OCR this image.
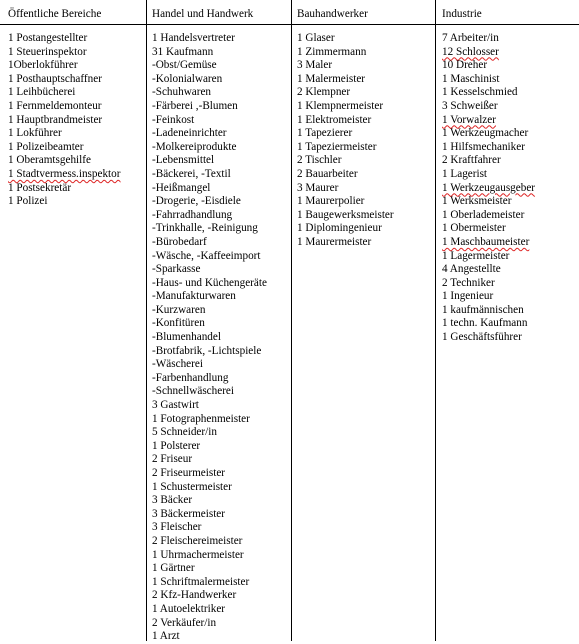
Öffentliche Bereiche
1 Postangestellter
1 Steuerinspektor
1Oberlokführer
1 Posthauptschaffner
1 Leihbücherei
1 Fernmeldemonteur
1 Hauptbrandmeister
1 Lokführer
1 Polizeibeamter
1 Oberamtsgehilfe
1 Stadtvermess.inspektor
1 Postsekretär
1 Polizei
Handel und Handwerk
1 Handelsvertreter
31 Kaufmann
-Obst/Gemüse
-Kolonialwaren
-Schuhwaren
-Färberei ,-Blumen
-Feinkost
-Ladeneinrichter
-Molkereiprodukte
-Lebensmittel
-Bäckerei, -Textil
-Heißmangel
-Drogerie, -Eisdiele
-Fahrradhandlung
-Trinkhalle, -Reinigung
-Bürobedarf
-Wäsche, -Kaffeeimport
-Sparkasse
-Haus- und Küchengeräte
-Manufakturwaren
-Kurzwaren
-Konfitüren
-Blumenhandel
-Brotfabrik, -Lichtspiele
-Wäscherei
-Farbenhandlung
-Schnellwäscherei
3 Gastwirt
1 Fotographenmeister
5 Schneider/in
1 Polsterer
2 Friseur
2 Friseurmeister
1 Schustermeister
3 Bäcker
3 Bäckermeister
3 Fleischer
2 Fleischereimeister
1 Uhrmachermeister
1 Gärtner
1 Schriftmalermeister
2 Kfz-Handwerker
1 Autoelektriker
2 Verkäufer/in
1 Arzt
Bauhandwerker
1 Glaser
1 Zimmermann
3 Maler
1 Malermeister
2 Klempner
1 Klempnermeister
1 Elektromeister
1 Tapezierer
1 Tapeziermeister
2 Tischler
2 Bauarbeiter
3 Maurer
1 Maurerpolier
1 Baugewerksmeister
1 Diplomingenieur
1 Maurermeister
Industrie
7 Arbeiter/in
12 Schlosser
10 Dreher
1 Maschinist
1 Kesselschmied
3 Schweißer
1 Vorwalzer
1 Werkzeugmacher
1 Hilfsmechaniker
2 Kraftfahrer
1 Lagerist
1 Werkzeugausgeber
1 Werksmeister
1 Oberlademeister
1 Obermeister
1 Maschbaumeister
1 Lagermeister
4 Angestellte
2 Techniker
1 Ingenieur
1 kaufmännischen
1 techn. Kaufmann
1 Geschäftsführer
